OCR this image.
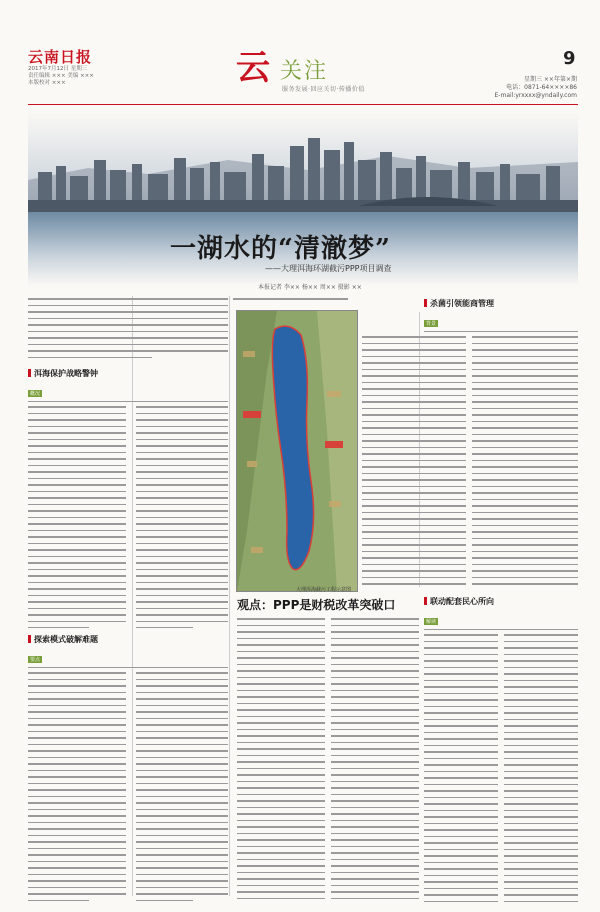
云南日报
2017年7月12日 星期三
责任编辑 ××× 美编 ×××
本版校对 ×××	云 关注
服务发展·回应关切·传播价值
9
星期三 ××年第×期
电话：0871-64××××86
E-mail:yrxxxx@yndaily.com
一湖水的“清澈梦”
——大理洱海环湖截污PPP项目调查
本报记者 李×× 杨×× 周×× 摄影 ××
洱海保护战略警钟
概况
探索模式破解难题
要点
大理洱海截污工程示意图
观点：PPP是财税改革突破口
杀菌引领能商管理
背景
联动配套民心所向
解读
